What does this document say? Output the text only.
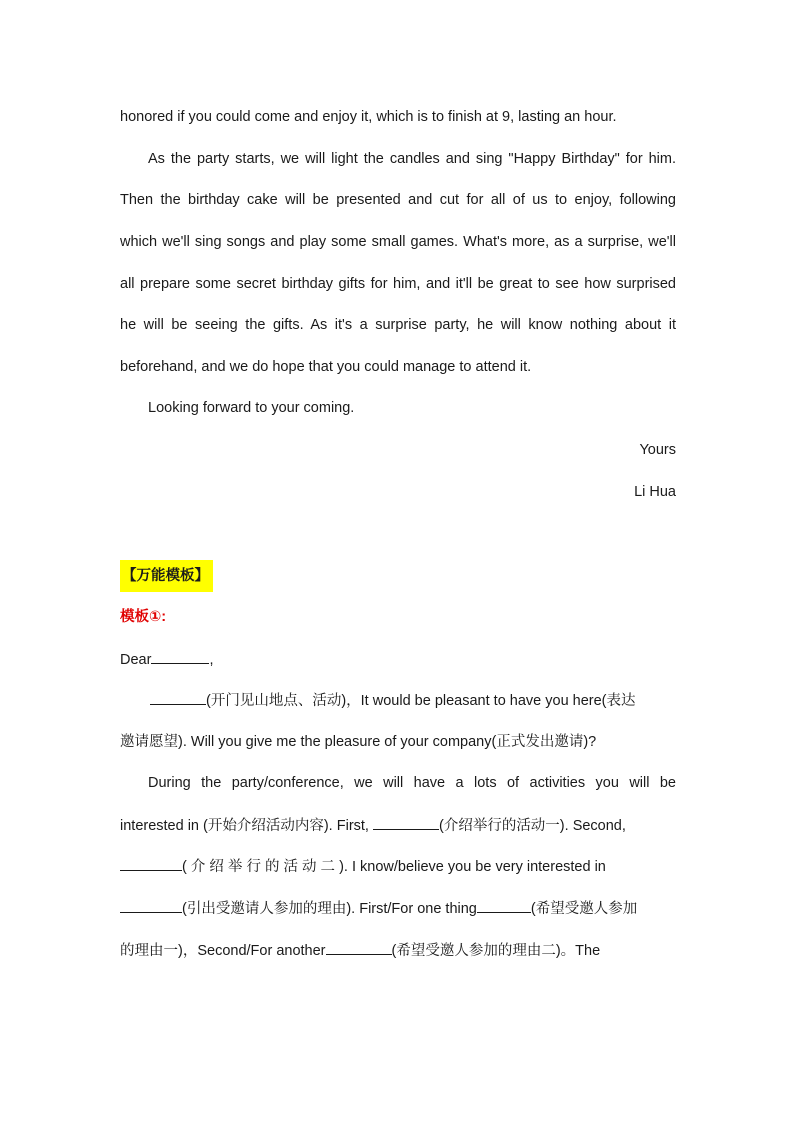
honored if you could come and enjoy it, which is to finish at 9, lasting an hour.
As the party starts, we will light the candles and sing "Happy Birthday" for him.
Then the birthday cake will be presented and cut for all of us to enjoy, following
which we'll sing songs and play some small games. What's more, as a surprise, we'll
all prepare some secret birthday gifts for him, and it'll be great to see how surprised
he will be seeing the gifts. As it's a surprise party, he will know nothing about it
beforehand, and we do hope that you could manage to attend it.
Looking forward to your coming.
Yours
Li Hua
【万能模板】
模板①:
Dear	,
(开门见山地点、活动)，It would be pleasant to have you here(表达
邀请愿望). Will you give me the pleasure of your company(正式发出邀请)?
During the party/conference, we will have a lots of activities you will be
interested in (开始介绍活动内容). First,	(介绍举行的活动一). Second,
( 介 绍 举 行 的 活 动 二 ). I know/believe you be very interested in
(引出受邀请人参加的理由). First/For one thing	(希望受邀人参加
的理由一)，Second/For another	(希望受邀人参加的理由二)。The
